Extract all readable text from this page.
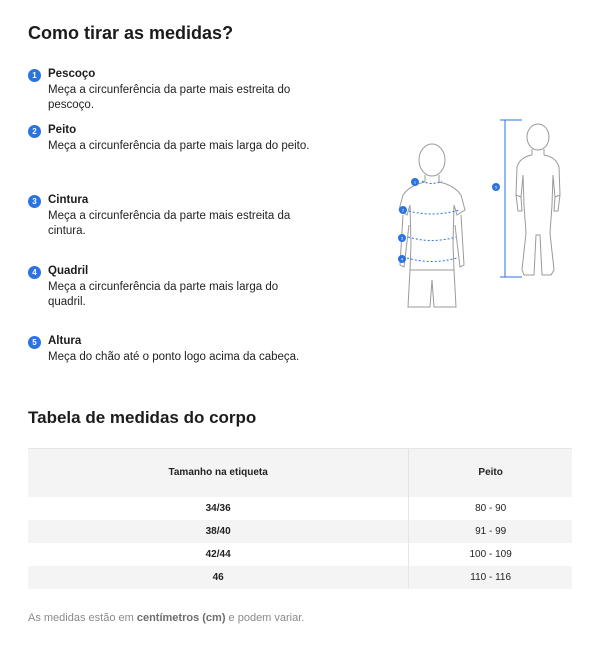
Como tirar as medidas?
1 Pescoço
Meça a circunferência da parte mais estreita do pescoço.
2 Peito
Meça a circunferência da parte mais larga do peito.
3 Cintura
Meça a circunferência da parte mais estreita da cintura.
4 Quadril
Meça a circunferência da parte mais larga do quadril.
5 Altura
Meça do chão até o ponto logo acima da cabeça.
1
2
3
4
5
Tabela de medidas do corpo
Tamanho na etiqueta	Peito
34/36	80 - 90
38/40	91 - 99
42/44	100 - 109
46	110 - 116
As medidas estão em centímetros (cm) e podem variar.
